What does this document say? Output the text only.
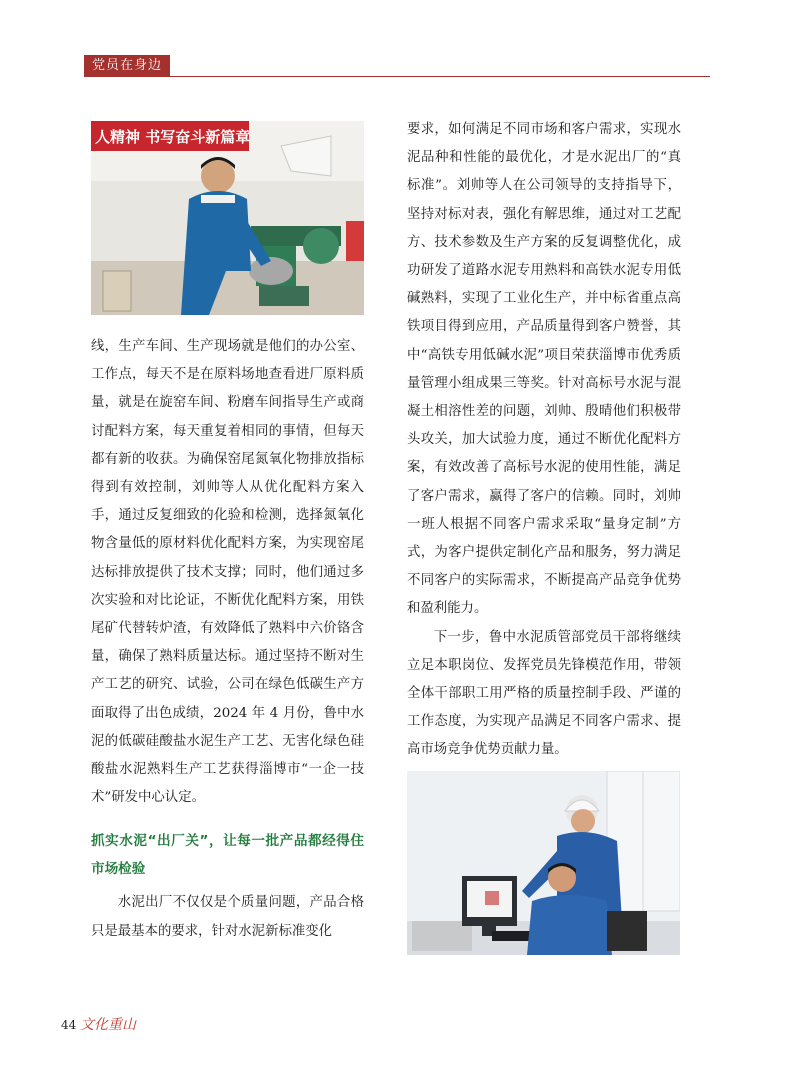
党员在身边
人精神 书写奋斗新篇章

线，生产车间、生产现场就是他们的办公室、工作点，每天不是在原料场地查看进厂原料质量，就是在旋窑车间、粉磨车间指导生产或商讨配料方案，每天重复着相同的事情，但每天都有新的收获。为确保窑尾氮氧化物排放指标得到有效控制，刘帅等人从优化配料方案入手，通过反复细致的化验和检测，选择氮氧化物含量低的原材料优化配料方案，为实现窑尾达标排放提供了技术支撑；同时，他们通过多次实验和对比论证，不断优化配料方案，用铁尾矿代替转炉渣，有效降低了熟料中六价铬含量，确保了熟料质量达标。通过坚持不断对生产工艺的研究、试验，公司在绿色低碳生产方面取得了出色成绩，2024 年 4 月份，鲁中水泥的低碳硅酸盐水泥生产工艺、无害化绿色硅酸盐水泥熟料生产工艺获得淄博市“一企一技术”研发中心认定。

抓实水泥“出厂关”，让每一批产品都经得住市场检验

水泥出厂不仅仅是个质量问题，产品合格只是最基本的要求，针对水泥新标准变化

要求，如何满足不同市场和客户需求，实现水泥品种和性能的最优化，才是水泥出厂的“真标准”。刘帅等人在公司领导的支持指导下，坚持对标对表，强化有解思维，通过对工艺配方、技术参数及生产方案的反复调整优化，成功研发了道路水泥专用熟料和高铁水泥专用低碱熟料，实现了工业化生产，并中标省重点高铁项目得到应用，产品质量得到客户赞誉，其中“高铁专用低碱水泥”项目荣获淄博市优秀质量管理小组成果三等奖。针对高标号水泥与混凝土相溶性差的问题，刘帅、殷晴他们积极带头攻关，加大试验力度，通过不断优化配料方案，有效改善了高标号水泥的使用性能，满足了客户需求，赢得了客户的信赖。同时，刘帅一班人根据不同客户需求采取“量身定制”方式，为客户提供定制化产品和服务，努力满足不同客户的实际需求，不断提高产品竞争优势和盈利能力。

下一步，鲁中水泥质管部党员干部将继续立足本职岗位、发挥党员先锋模范作用，带领全体干部职工用严格的质量控制手段、严谨的工作态度，为实现产品满足不同客户需求、提高市场竞争优势贡献力量。

44 文化重山
